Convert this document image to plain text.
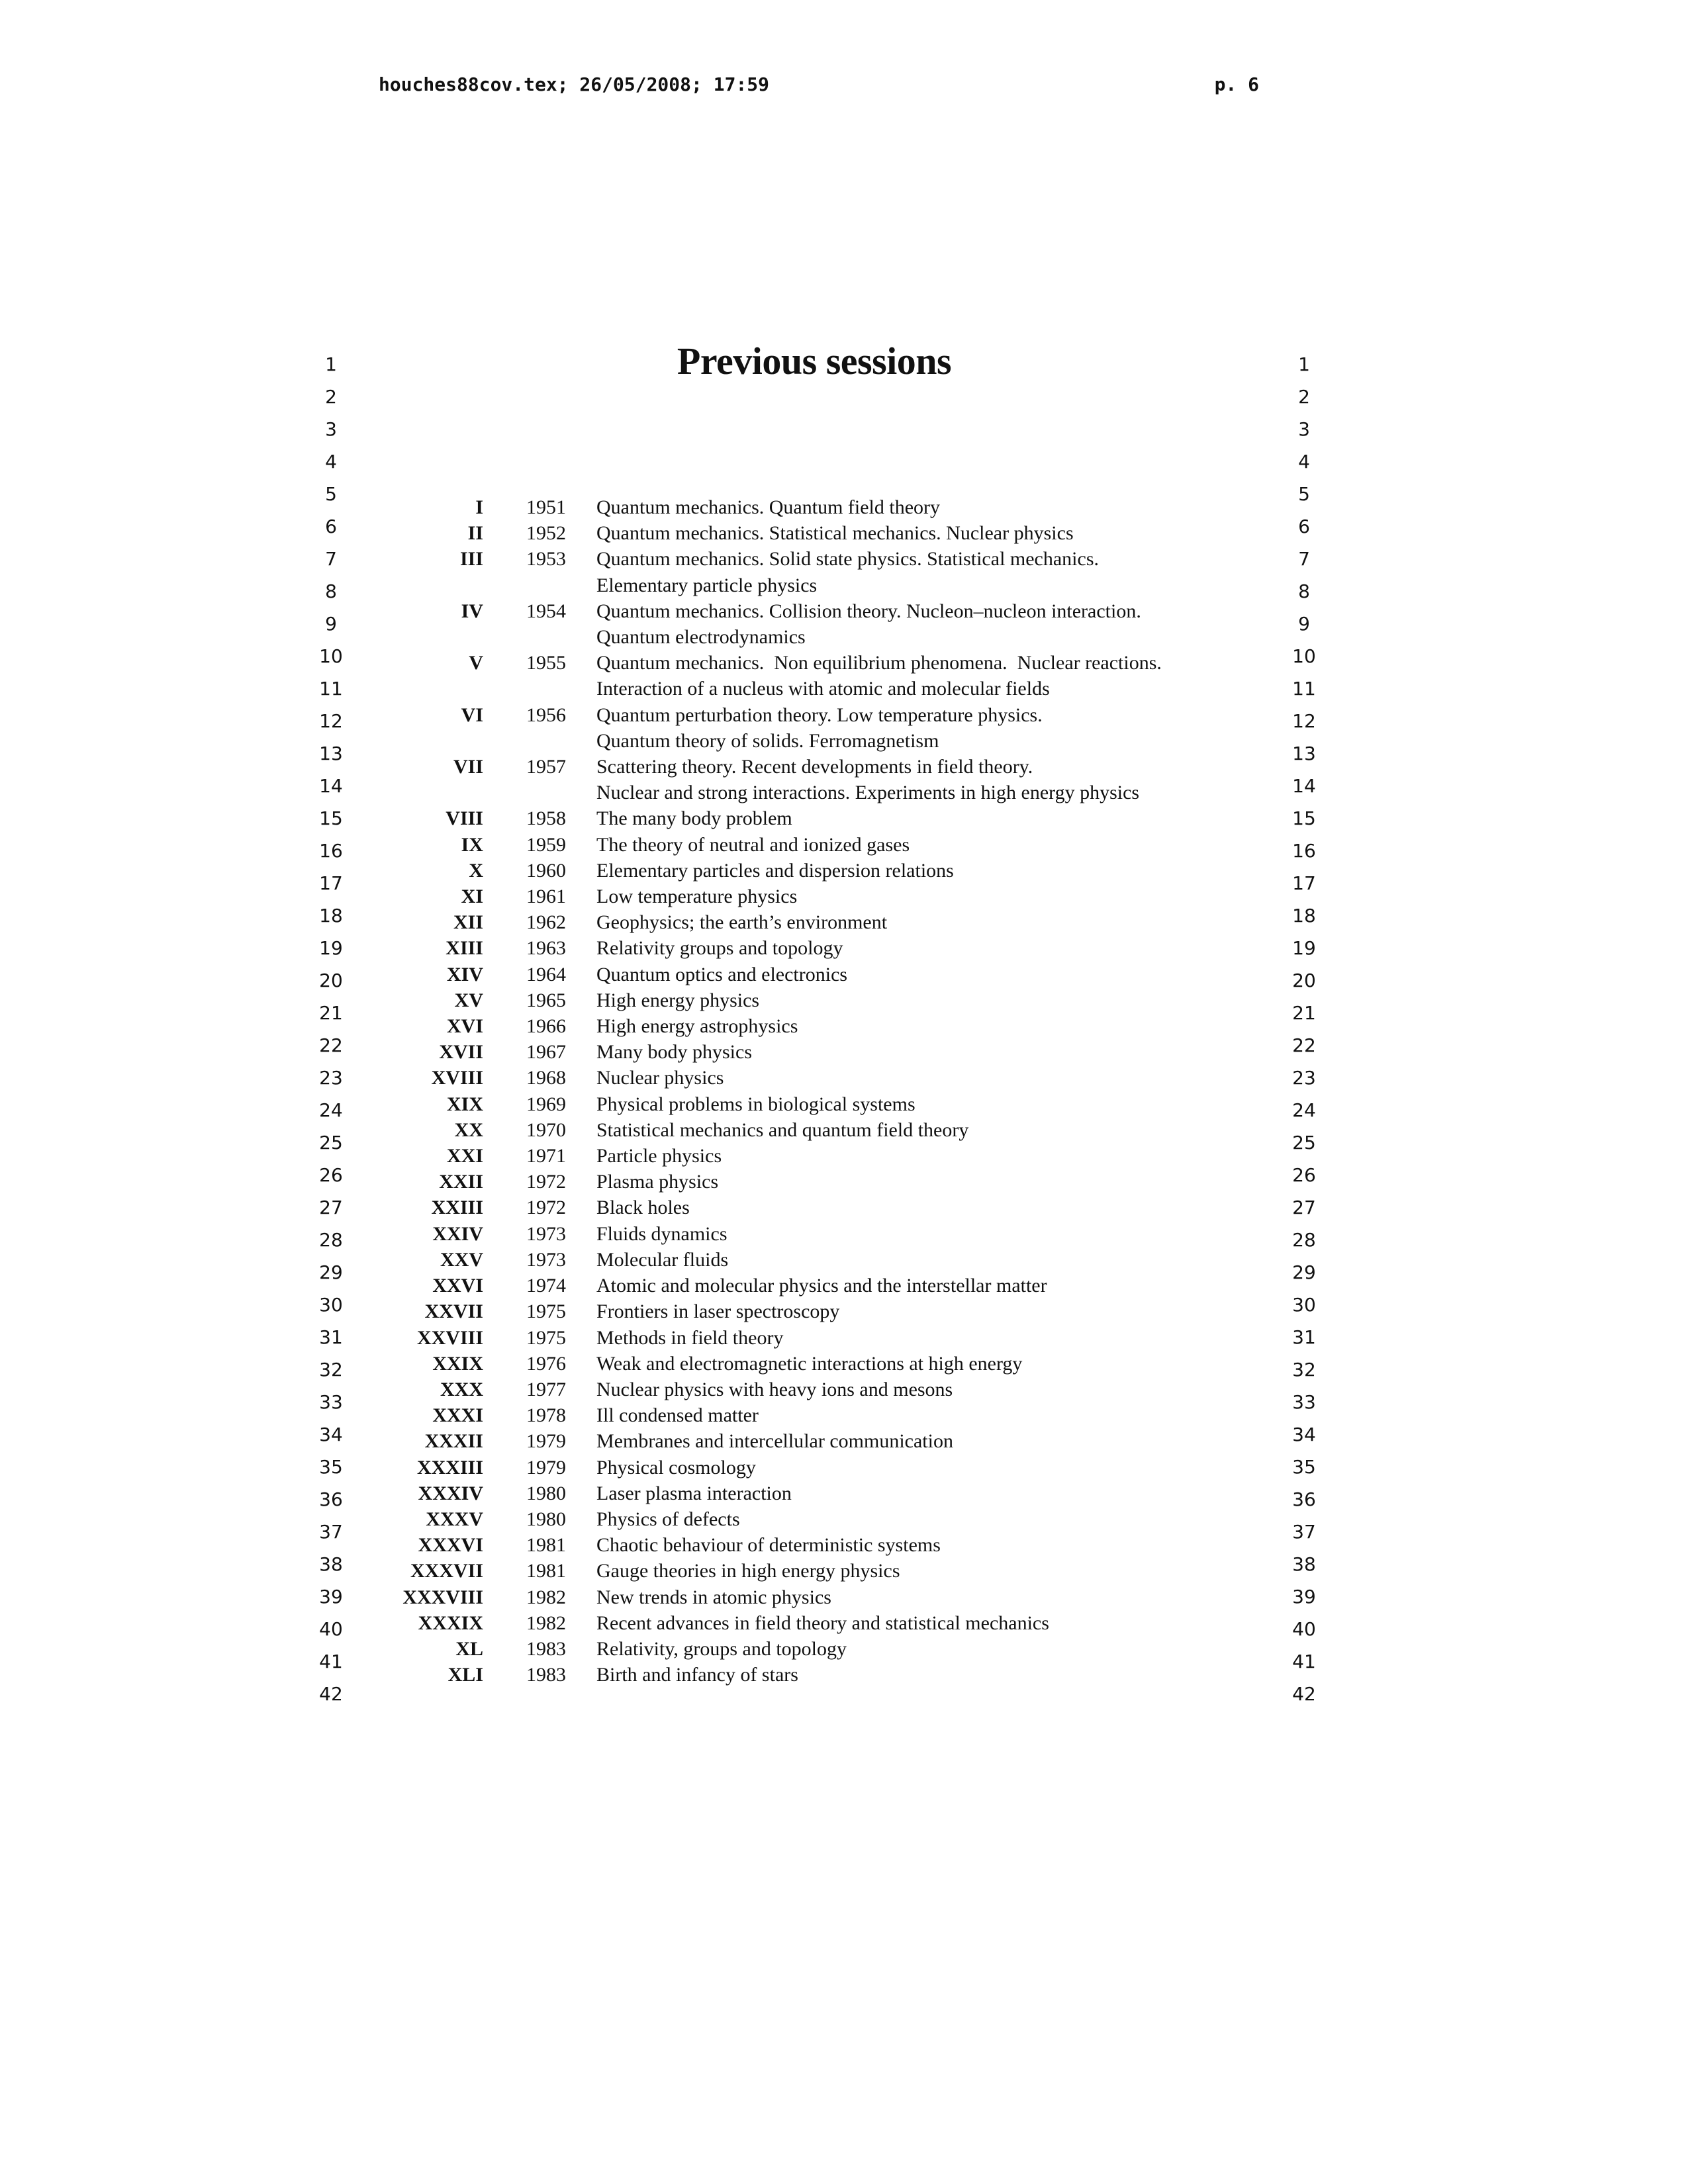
houches88cov.tex; 26/05/2008; 17:59	p. 6
1
2
3
4
5
6
7
8
9
10
11
12
13
14
15
16
17
18
19
20
21
22
23
24
25
26
27
28
29
30
31
32
33
34
35
36
37
38
39
40
41
42
1
2
3
4
5
6
7
8
9
10
11
12
13
14
15
16
17
18
19
20
21
22
23
24
25
26
27
28
29
30
31
32
33
34
35
36
37
38
39
40
41
42
Previous sessions
I	1951	Quantum mechanics. Quantum field theory
II	1952	Quantum mechanics. Statistical mechanics. Nuclear physics
III	1953	Quantum mechanics. Solid state physics. Statistical mechanics.
Elementary particle physics
IV	1954	Quantum mechanics. Collision theory. Nucleon–nucleon interaction.
Quantum electrodynamics
V	1955	Quantum mechanics.  Non equilibrium phenomena.  Nuclear reactions.
Interaction of a nucleus with atomic and molecular fields
VI	1956	Quantum perturbation theory. Low temperature physics.
Quantum theory of solids. Ferromagnetism
VII	1957	Scattering theory. Recent developments in field theory.
Nuclear and strong interactions. Experiments in high energy physics
VIII	1958	The many body problem
IX	1959	The theory of neutral and ionized gases
X	1960	Elementary particles and dispersion relations
XI	1961	Low temperature physics
XII	1962	Geophysics; the earth’s environment
XIII	1963	Relativity groups and topology
XIV	1964	Quantum optics and electronics
XV	1965	High energy physics
XVI	1966	High energy astrophysics
XVII	1967	Many body physics
XVIII	1968	Nuclear physics
XIX	1969	Physical problems in biological systems
XX	1970	Statistical mechanics and quantum field theory
XXI	1971	Particle physics
XXII	1972	Plasma physics
XXIII	1972	Black holes
XXIV	1973	Fluids dynamics
XXV	1973	Molecular fluids
XXVI	1974	Atomic and molecular physics and the interstellar matter
XXVII	1975	Frontiers in laser spectroscopy
XXVIII	1975	Methods in field theory
XXIX	1976	Weak and electromagnetic interactions at high energy
XXX	1977	Nuclear physics with heavy ions and mesons
XXXI	1978	Ill condensed matter
XXXII	1979	Membranes and intercellular communication
XXXIII	1979	Physical cosmology
XXXIV	1980	Laser plasma interaction
XXXV	1980	Physics of defects
XXXVI	1981	Chaotic behaviour of deterministic systems
XXXVII	1981	Gauge theories in high energy physics
XXXVIII	1982	New trends in atomic physics
XXXIX	1982	Recent advances in field theory and statistical mechanics
XL	1983	Relativity, groups and topology
XLI	1983	Birth and infancy of stars
